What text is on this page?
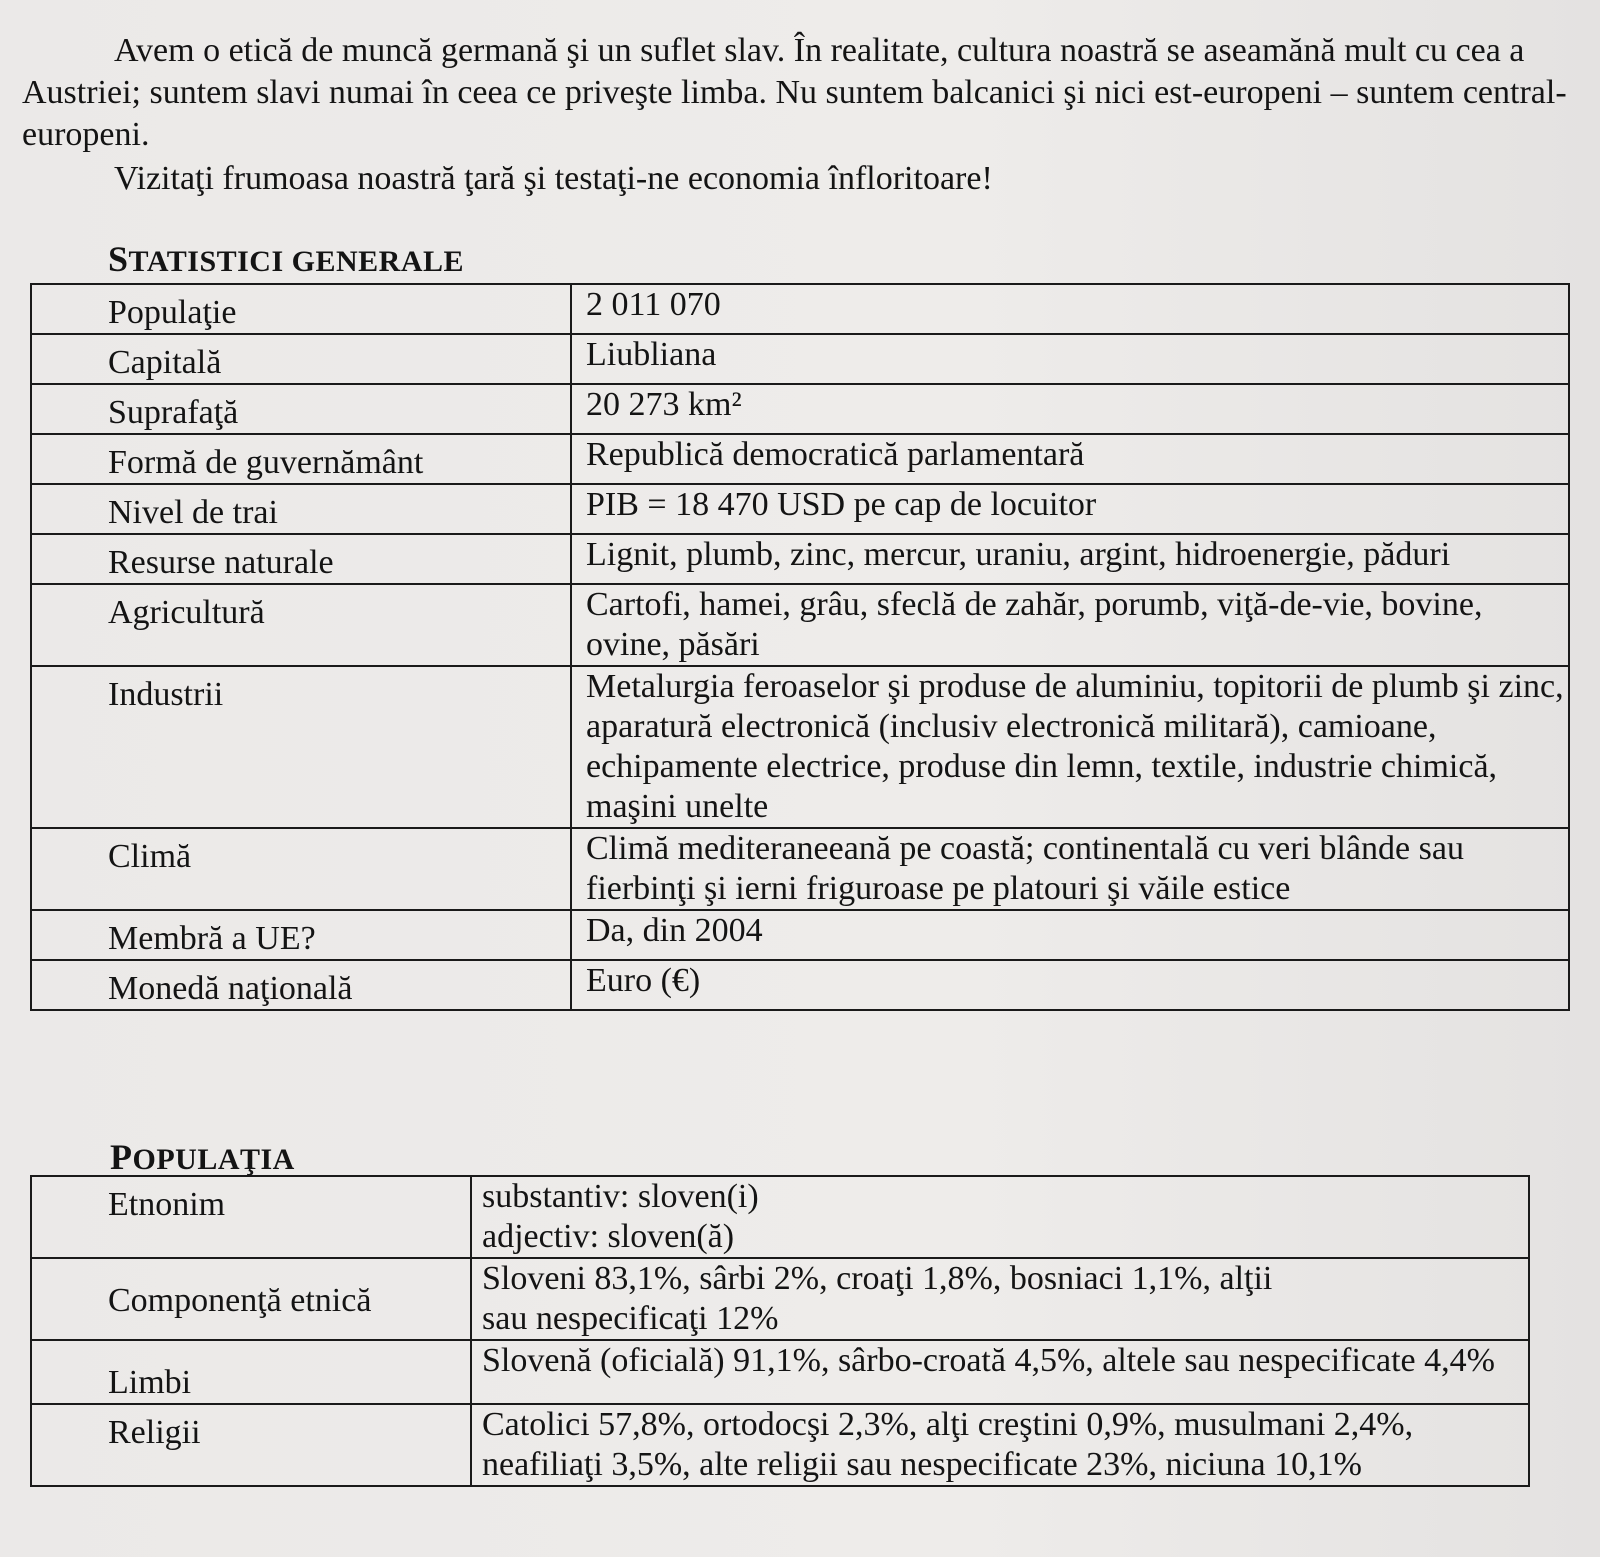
Avem o etică de muncă germană şi un suflet slav. În realitate, cultura noastră se aseamănă mult cu cea a Austriei; suntem slavi numai în ceea ce priveşte limba. Nu suntem balcanici şi nici est-europeni – suntem central-europeni.

Vizitaţi frumoasa noastră ţară şi testaţi-ne economia înfloritoare!

STATISTICI GENERALE
Populaţie	2 011 070
Capitală	Liubliana
Suprafaţă	20 273 km²
Formă de guvernământ	Republică democratică parlamentară
Nivel de trai	PIB = 18 470 USD pe cap de locuitor
Resurse naturale	Lignit, plumb, zinc, mercur, uraniu, argint, hidroenergie, păduri
Agricultură	Cartofi, hamei, grâu, sfeclă de zahăr, porumb, viţă-de-vie, bovine, ovine, păsări
Industrii	Metalurgia feroaselor şi produse de aluminiu, topitorii de plumb şi zinc, aparatură electronică (inclusiv electronică militară), camioane, echipamente electrice, produse din lemn, textile, industrie chimică, maşini unelte
Climă	Climă mediteraneeană pe coastă; continentală cu veri blânde sau fierbinţi şi ierni friguroase pe platouri şi văile estice
Membră a UE?	Da, din 2004
Monedă naţională	Euro (€)
POPULAŢIA
Etnonim	substantiv: sloven(i)
adjectiv: sloven(ă)

Componenţă etnică	Sloveni 83,1%, sârbi 2%, croaţi 1,8%, bosniaci 1,1%, alţii
sau nespecificaţi 12%

Limbi	Slovenă (oficială) 91,1%, sârbo-croată 4,5%, altele sau nespecificate 4,4%

Religii	Catolici 57,8%, ortodocşi 2,3%, alţi creştini 0,9%, musulmani 2,4%, neafiliaţi 3,5%, alte religii sau nespecificate 23%, niciuna 10,1%
